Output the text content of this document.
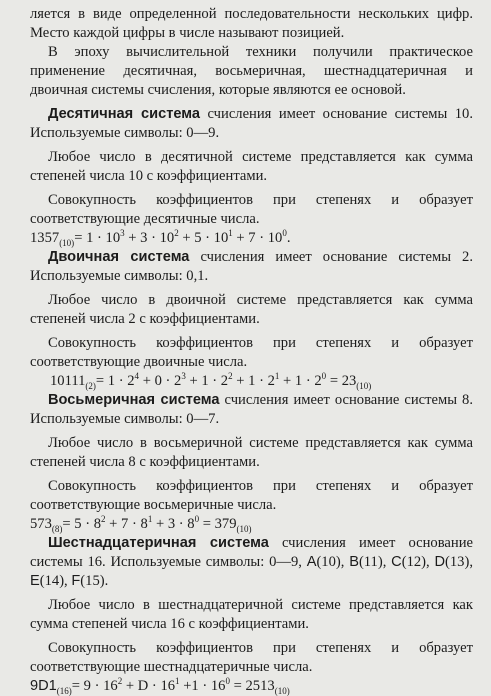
ляется в виде определенной последовательности нескольких цифр. Место каждой цифры в числе называют позицией.

В эпоху вычислительной техники получили практическое применение десятичная, восьмеричная, шестнадцатеричная и двоичная системы счисления, которые являются ее основой.

Десятичная система счисления имеет основание системы 10. Используемые символы: 0—9.

Любое число в десятичной системе представляется как сумма степеней числа 10 с коэффициентами.

Совокупность коэффициентов при степенях и образует соответствующие десятичные числа.

$1357_{(10)}= 1 \cdot 10^3 + 3 \cdot 10^2 + 5 \cdot 10^1 + 7 \cdot 10^0$.

Двоичная система счисления имеет основание системы 2. Используемые символы: 0,1.

Любое число в двоичной системе представляется как сумма степеней числа 2 с коэффициентами.

Совокупность коэффициентов при степенях и образует соответствующие двоичные числа.

$10111_{(2)}= 1 \cdot 2^4 + 0 \cdot 2^3 + 1 \cdot 2^2 + 1 \cdot 2^1 + 1 \cdot 2^0 = 23_{(10)}$

Восьмеричная система счисления имеет основание системы 8. Используемые символы: 0—7.

Любое число в восьмеричной системе представляется как сумма степеней числа 8 с коэффициентами.

Совокупность коэффициентов при степенях и образует соответствующие восьмеричные числа.

$573_{(8)}= 5 \cdot 8^2 + 7 \cdot 8^1 + 3 \cdot 8^0 = 379_{(10)}$

Шестнадцатеричная система счисления имеет основание системы 16. Используемые символы: 0—9, A(10), B(11), C(12), D(13), E(14), F(15).

Любое число в шестнадцатеричной системе представляется как сумма степеней числа 16 с коэффициентами.

Совокупность коэффициентов при степенях и образует соответствующие шестнадцатеричные числа.

$9D1_{(16)}= 9 \cdot 16^2 + D \cdot 16^1 +1 \cdot 16^0 = 2513_{(10)}$
